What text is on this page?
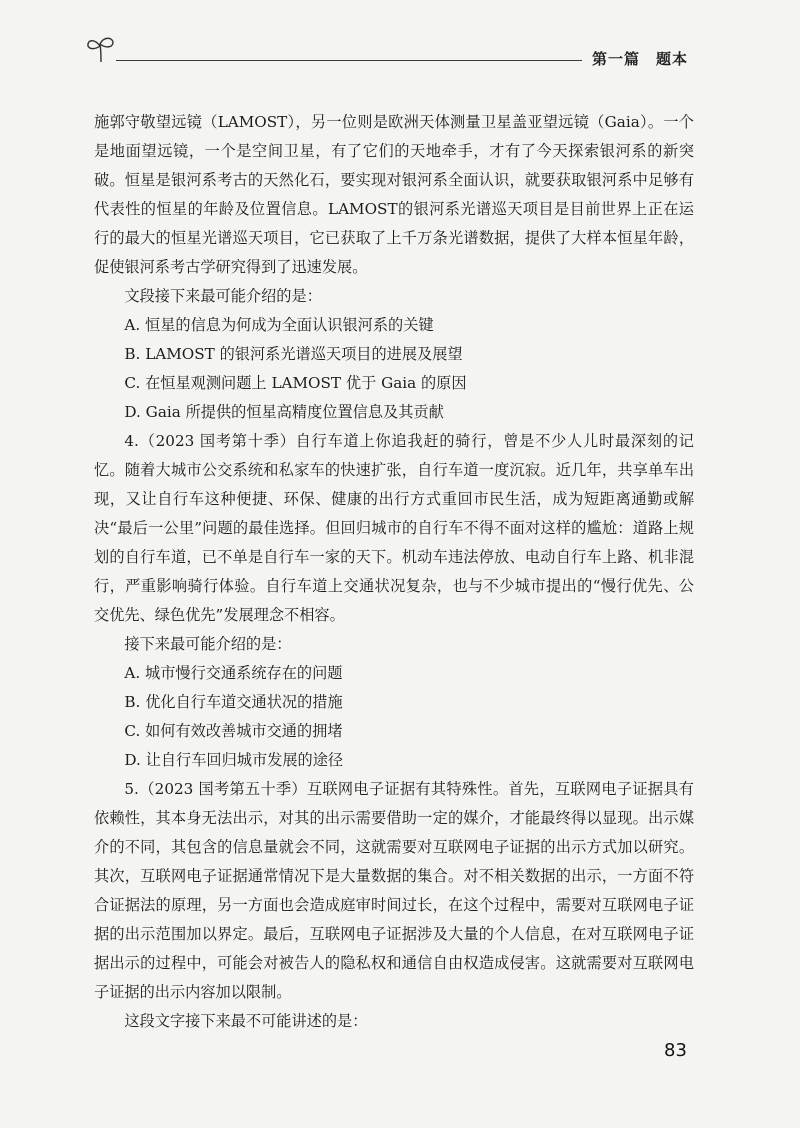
第一篇　题本

施郭守敬望远镜（LAMOST），另一位则是欧洲天体测量卫星盖亚望远镜（Gaia）。一个是地面望远镜，一个是空间卫星，有了它们的天地牵手，才有了今天探索银河系的新突破。恒星是银河系考古的天然化石，要实现对银河系全面认识，就要获取银河系中足够有代表性的恒星的年龄及位置信息。LAMOST的银河系光谱巡天项目是目前世界上正在运行的最大的恒星光谱巡天项目，它已获取了上千万条光谱数据，提供了大样本恒星年龄，促使银河系考古学研究得到了迅速发展。

文段接下来最可能介绍的是：

A. 恒星的信息为何成为全面认识银河系的关键

B. LAMOST 的银河系光谱巡天项目的进展及展望

C. 在恒星观测问题上 LAMOST 优于 Gaia 的原因

D. Gaia 所提供的恒星高精度位置信息及其贡献

4.（2023 国考第十季）自行车道上你追我赶的骑行，曾是不少人儿时最深刻的记忆。随着大城市公交系统和私家车的快速扩张，自行车道一度沉寂。近几年，共享单车出现，又让自行车这种便捷、环保、健康的出行方式重回市民生活，成为短距离通勤或解决“最后一公里”问题的最佳选择。但回归城市的自行车不得不面对这样的尴尬：道路上规划的自行车道，已不单是自行车一家的天下。机动车违法停放、电动自行车上路、机非混行，严重影响骑行体验。自行车道上交通状况复杂，也与不少城市提出的“慢行优先、公交优先、绿色优先”发展理念不相容。

接下来最可能介绍的是：

A. 城市慢行交通系统存在的问题

B. 优化自行车道交通状况的措施

C. 如何有效改善城市交通的拥堵

D. 让自行车回归城市发展的途径

5.（2023 国考第五十季）互联网电子证据有其特殊性。首先，互联网电子证据具有依赖性，其本身无法出示，对其的出示需要借助一定的媒介，才能最终得以显现。出示媒介的不同，其包含的信息量就会不同，这就需要对互联网电子证据的出示方式加以研究。其次，互联网电子证据通常情况下是大量数据的集合。对不相关数据的出示，一方面不符合证据法的原理，另一方面也会造成庭审时间过长，在这个过程中，需要对互联网电子证据的出示范围加以界定。最后，互联网电子证据涉及大量的个人信息，在对互联网电子证据出示的过程中，可能会对被告人的隐私权和通信自由权造成侵害。这就需要对互联网电子证据的出示内容加以限制。

这段文字接下来最不可能讲述的是：

83
